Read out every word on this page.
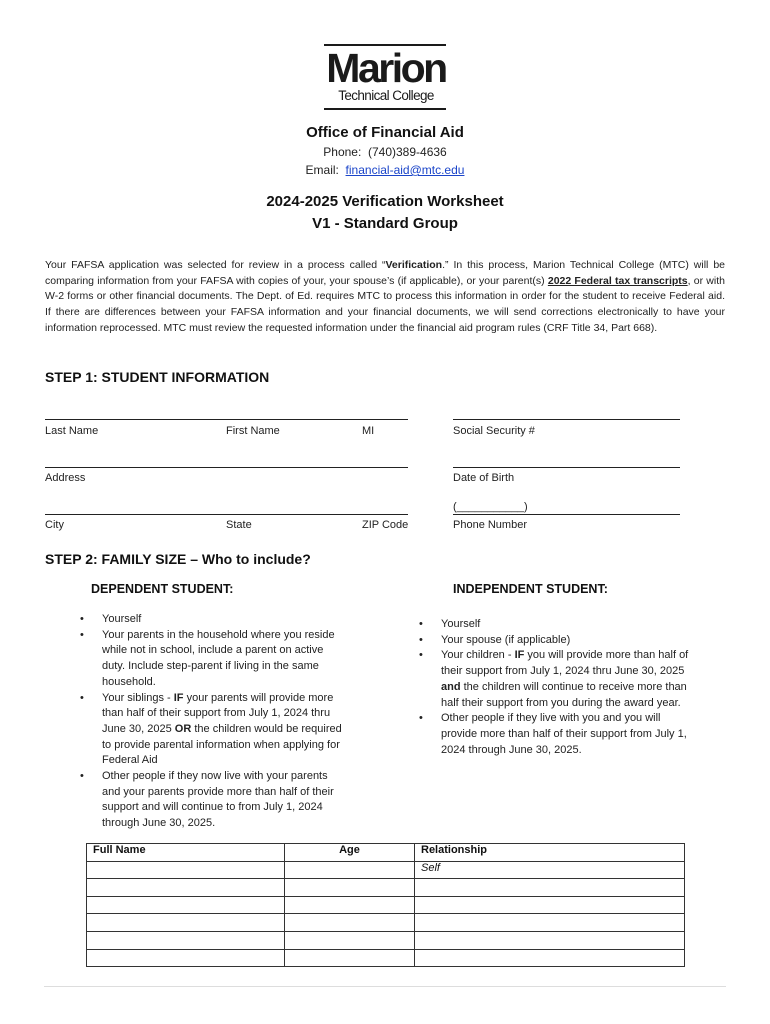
Marion
Technical College
Office of Financial Aid
Phone: (740)389-4636
Email: financial-aid@mtc.edu
2024-2025 Verification Worksheet
V1 - Standard Group
Your FAFSA application was selected for review in a process called “Verification.” In this process, Marion Technical College (MTC) will be comparing information from your FAFSA with copies of your, your spouse’s (if applicable), or your parent(s) 2022 Federal tax transcripts, or with W-2 forms or other financial documents. The Dept. of Ed. requires MTC to process this information in order for the student to receive Federal aid. If there are differences between your FAFSA information and your financial documents, we will send corrections electronically to have your information reprocessed. MTC must review the requested information under the financial aid program rules (CRF Title 34, Part 668).
STEP 1: STUDENT INFORMATION
Last Name	First Name	MI	Social Security #
Address	Date of Birth
(___________)
City	State	ZIP Code	Phone Number
STEP 2: FAMILY SIZE – Who to include?
DEPENDENT STUDENT:	INDEPENDENT STUDENT:
• Yourself
• Your parents in the household where you reside while not in school, include a parent on active duty. Include step-parent if living in the same household.
• Your siblings - IF your parents will provide more than half of their support from July 1, 2024 thru June 30, 2025 OR the children would be required to provide parental information when applying for Federal Aid
• Other people if they now live with your parents and your parents provide more than half of their support and will continue to from July 1, 2024 through June 30, 2025.
• Yourself
• Your spouse (if applicable)
• Your children - IF you will provide more than half of their support from July 1, 2024 thru June 30, 2025 and the children will continue to receive more than half their support from you during the award year.
• Other people if they live with you and you will provide more than half of their support from July 1, 2024 through June 30, 2025.
Full Name	Age	Relationship
		Self
